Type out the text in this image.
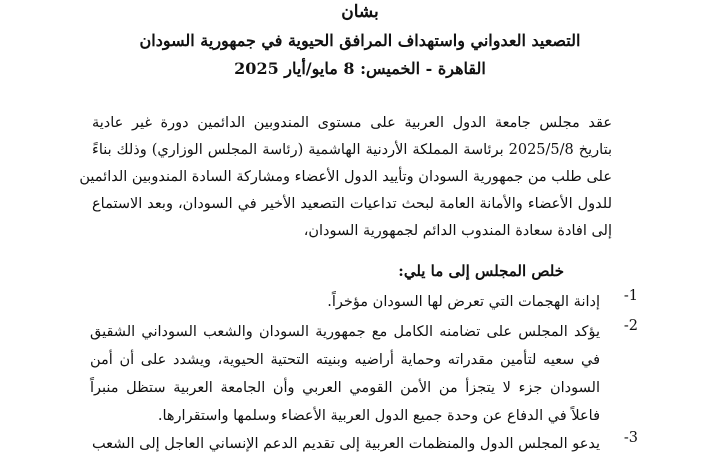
بشان
التصعيد العدواني واستهداف المرافق الحيوية في جمهورية السودان
القاهرة - الخميس: 8 مايو/أيار 2025
عقد مجلس جامعة الدول العربية على مستوى المندوبين الدائمين دورة غير عادية
بتاريخ 2025/5/8 برئاسة المملكة الأردنية الهاشمية (رئاسة المجلس الوزاري) وذلك بناءً
على طلب من جمهورية السودان وتأييد الدول الأعضاء ومشاركة السادة المندوبين الدائمين
للدول الأعضاء والأمانة العامة لبحث تداعيات التصعيد الأخير في السودان، وبعد الاستماع
إلى افادة سعادة المندوب الدائم لجمهورية السودان،
خلص المجلس إلى ما يلي:
-1
إدانة الهجمات التي تعرض لها السودان مؤخراً.
-2
يؤكد المجلس على تضامنه الكامل مع جمهورية السودان والشعب السوداني الشقيق
في سعيه لتأمين مقدراته وحماية أراضيه وبنيته التحتية الحيوية، ويشدد على أن أمن
السودان جزء لا يتجزأ من الأمن القومي العربي وأن الجامعة العربية ستظل منبراً
فاعلاً في الدفاع عن وحدة جميع الدول العربية الأعضاء وسلمها واستقرارها.
-3
يدعو المجلس الدول والمنظمات العربية إلى تقديم الدعم الإنساني العاجل إلى الشعب
